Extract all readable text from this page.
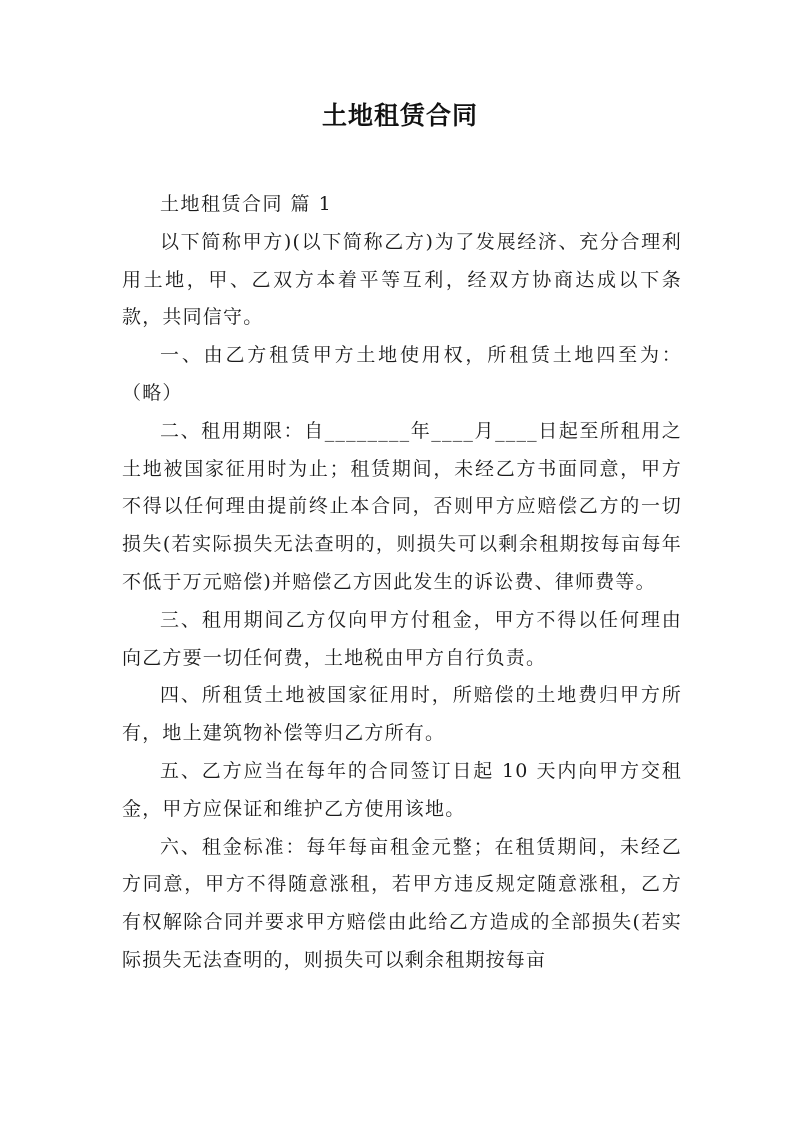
土地租赁合同

土地租赁合同 篇 1

以下简称甲方)(以下简称乙方)为了发展经济、充分合理利用土地，甲、乙双方本着平等互利，经双方协商达成以下条款，共同信守。

一、由乙方租赁甲方土地使用权，所租赁土地四至为：（略）

二、租用期限：自________年____月____日起至所租用之土地被国家征用时为止；租赁期间，未经乙方书面同意，甲方不得以任何理由提前终止本合同，否则甲方应赔偿乙方的一切损失(若实际损失无法查明的，则损失可以剩余租期按每亩每年不低于万元赔偿)并赔偿乙方因此发生的诉讼费、律师费等。

三、租用期间乙方仅向甲方付租金，甲方不得以任何理由向乙方要一切任何费，土地税由甲方自行负责。

四、所租赁土地被国家征用时，所赔偿的土地费归甲方所有，地上建筑物补偿等归乙方所有。

五、乙方应当在每年的合同签订日起 10 天内向甲方交租金，甲方应保证和维护乙方使用该地。

六、租金标准：每年每亩租金元整；在租赁期间，未经乙方同意，甲方不得随意涨租，若甲方违反规定随意涨租，乙方有权解除合同并要求甲方赔偿由此给乙方造成的全部损失(若实际损失无法查明的，则损失可以剩余租期按每亩
